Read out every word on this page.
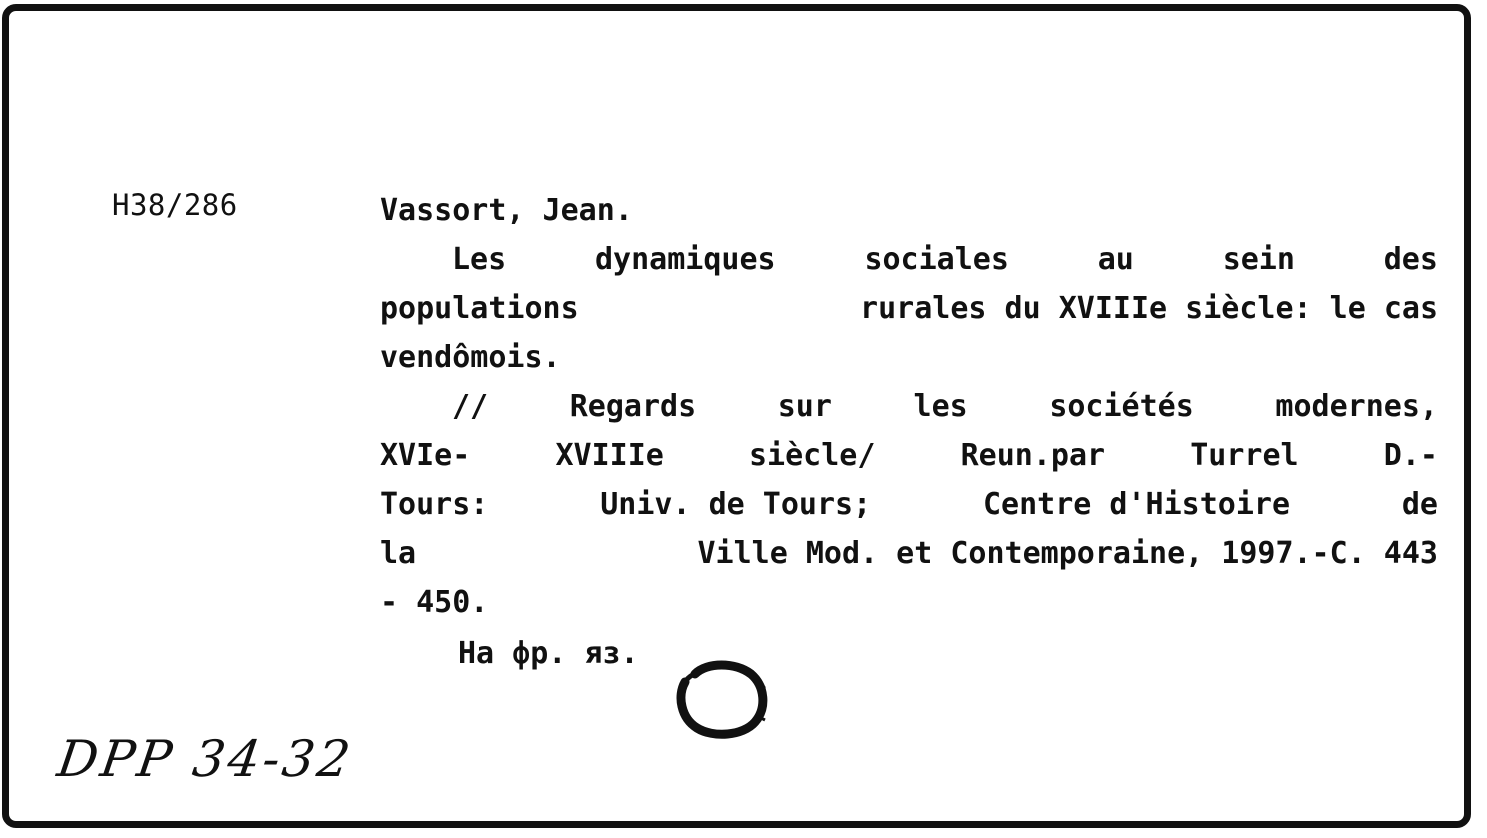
H38/286	Vassort, Jean.
Les	dynamiques	sociales	au	sein	des
populations	rurales du XVIIIe siècle: le cas
vendômois.
//	Regards	sur	les	sociétés	modernes,
XVIe-	XVIIIe	siècle/	Reun.par	Turrel	D.-
Tours:	Univ. de Tours;	Centre d'Histoire	de
la	Ville Mod. et Contemporaine, 1997.-C. 443
- 450.
На фр. яз.
DPP 34-32
